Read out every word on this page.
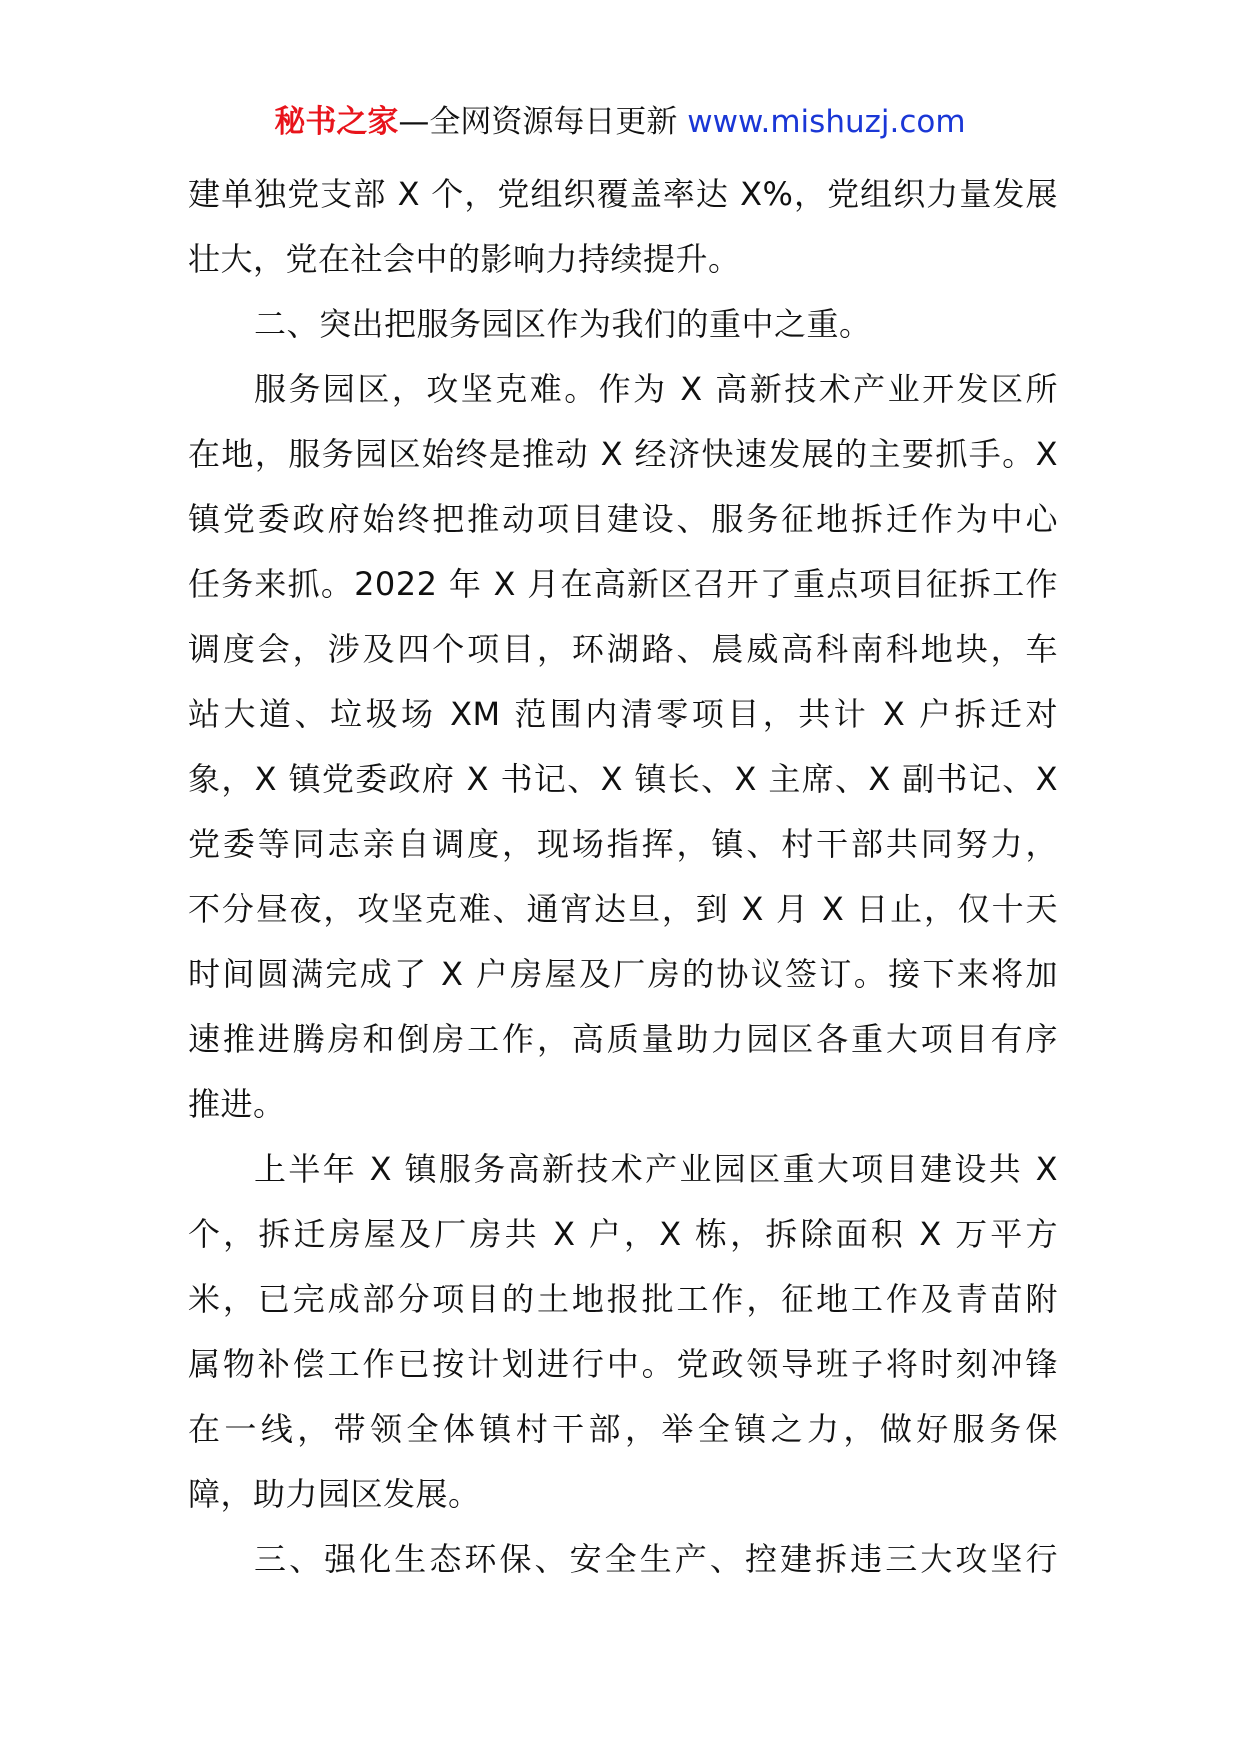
秘书之家—全网资源每日更新 www.mishuzj.com
建单独党支部 X 个，党组织覆盖率达 X%，党组织力量发展
壮大，党在社会中的影响力持续提升。
二、突出把服务园区作为我们的重中之重。
服务园区，攻坚克难。作为 X 高新技术产业开发区所
在地，服务园区始终是推动 X 经济快速发展的主要抓手。X
镇党委政府始终把推动项目建设、服务征地拆迁作为中心
任务来抓。2022 年 X 月在高新区召开了重点项目征拆工作
调度会，涉及四个项目，环湖路、晨威高科南科地块，车
站大道、垃圾场 XM 范围内清零项目，共计 X 户拆迁对
象，X 镇党委政府 X 书记、X 镇长、X 主席、X 副书记、X
党委等同志亲自调度，现场指挥，镇、村干部共同努力，
不分昼夜，攻坚克难、通宵达旦，到 X 月 X 日止，仅十天
时间圆满完成了 X 户房屋及厂房的协议签订。接下来将加
速推进腾房和倒房工作，高质量助力园区各重大项目有序
推进。
上半年 X 镇服务高新技术产业园区重大项目建设共 X
个，拆迁房屋及厂房共 X 户，X 栋，拆除面积 X 万平方
米，已完成部分项目的土地报批工作，征地工作及青苗附
属物补偿工作已按计划进行中。党政领导班子将时刻冲锋
在一线，带领全体镇村干部，举全镇之力，做好服务保
障，助力园区发展。
三、强化生态环保、安全生产、控建拆违三大攻坚行
